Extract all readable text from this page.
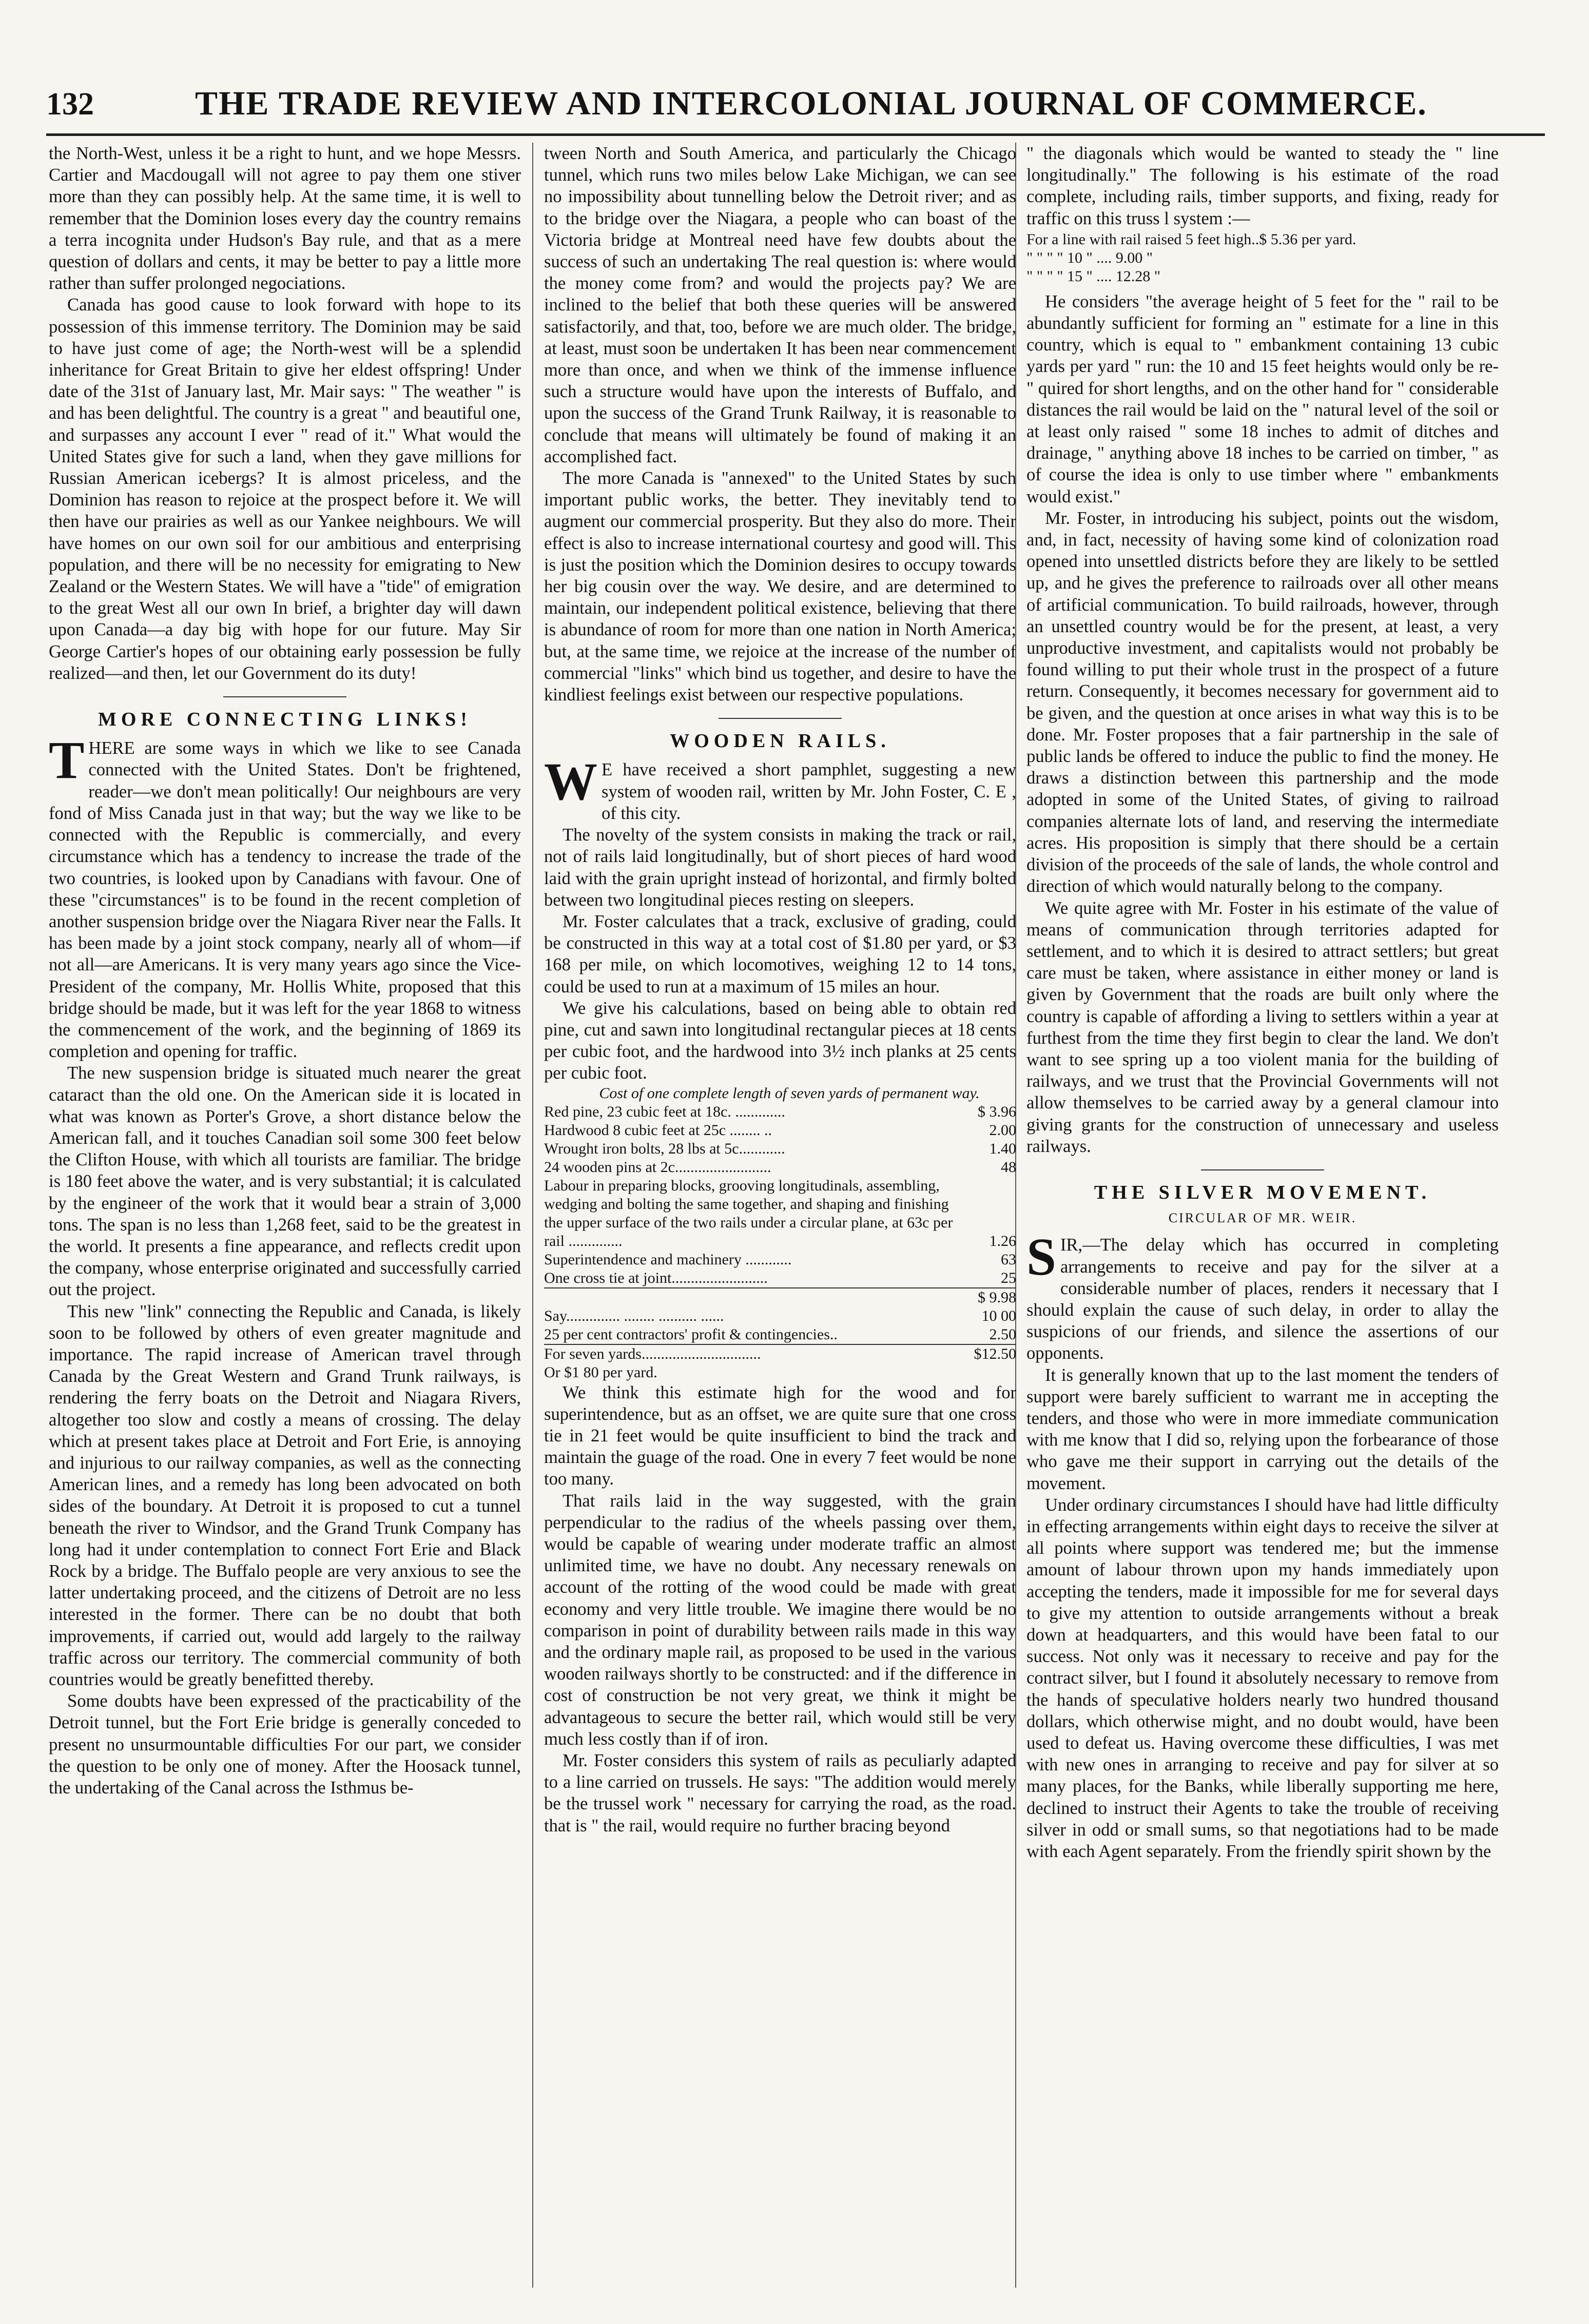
132	THE TRADE REVIEW AND INTERCOLONIAL JOURNAL OF COMMERCE.

the North-West, unless it be a right to hunt, and we hope Messrs. Cartier and Macdougall will not agree to pay them one stiver more than they can possibly help. At the same time, it is well to remember that the Dominion loses every day the country remains a terra incognita under Hudson's Bay rule, and that as a mere question of dollars and cents, it may be better to pay a little more rather than suffer prolonged negociations.

Canada has good cause to look forward with hope to its possession of this immense territory. The Dominion may be said to have just come of age; the North-west will be a splendid inheritance for Great Britain to give her eldest offspring! Under date of the 31st of January last, Mr. Mair says: " The weather " is and has been delightful. The country is a great " and beautiful one, and surpasses any account I ever " read of it." What would the United States give for such a land, when they gave millions for Russian American icebergs? It is almost priceless, and the Dominion has reason to rejoice at the prospect before it. We will then have our prairies as well as our Yankee neighbours. We will have homes on our own soil for our ambitious and enterprising population, and there will be no necessity for emigrating to New Zealand or the Western States. We will have a "tide" of emigration to the great West all our own In brief, a brighter day will dawn upon Canada—a day big with hope for our future. May Sir George Cartier's hopes of our obtaining early possession be fully realized—and then, let our Government do its duty!

MORE CONNECTING LINKS!

THERE are some ways in which we like to see Canada connected with the United States. Don't be frightened, reader—we don't mean politically! Our neighbours are very fond of Miss Canada just in that way; but the way we like to be connected with the Republic is commercially, and every circumstance which has a tendency to increase the trade of the two countries, is looked upon by Canadians with favour. One of these "circumstances" is to be found in the recent completion of another suspension bridge over the Niagara River near the Falls. It has been made by a joint stock company, nearly all of whom—if not all—are Americans. It is very many years ago since the Vice-President of the company, Mr. Hollis White, proposed that this bridge should be made, but it was left for the year 1868 to witness the commencement of the work, and the beginning of 1869 its completion and opening for traffic.

The new suspension bridge is situated much nearer the great cataract than the old one. On the American side it is located in what was known as Porter's Grove, a short distance below the American fall, and it touches Canadian soil some 300 feet below the Clifton House, with which all tourists are familiar. The bridge is 180 feet above the water, and is very substantial; it is calculated by the engineer of the work that it would bear a strain of 3,000 tons. The span is no less than 1,268 feet, said to be the greatest in the world. It presents a fine appearance, and reflects credit upon the company, whose enterprise originated and successfully carried out the project.

This new "link" connecting the Republic and Canada, is likely soon to be followed by others of even greater magnitude and importance. The rapid increase of American travel through Canada by the Great Western and Grand Trunk railways, is rendering the ferry boats on the Detroit and Niagara Rivers, altogether too slow and costly a means of crossing. The delay which at present takes place at Detroit and Fort Erie, is annoying and injurious to our railway companies, as well as the connecting American lines, and a remedy has long been advocated on both sides of the boundary. At Detroit it is proposed to cut a tunnel beneath the river to Windsor, and the Grand Trunk Company has long had it under contemplation to connect Fort Erie and Black Rock by a bridge. The Buffalo people are very anxious to see the latter undertaking proceed, and the citizens of Detroit are no less interested in the former. There can be no doubt that both improvements, if carried out, would add largely to the railway traffic across our territory. The commercial community of both countries would be greatly benefitted thereby.

Some doubts have been expressed of the practicability of the Detroit tunnel, but the Fort Erie bridge is generally conceded to present no unsurmountable difficulties For our part, we consider the question to be only one of money. After the Hoosack tunnel, the undertaking of the Canal across the Isthmus be-

tween North and South America, and particularly the Chicago tunnel, which runs two miles below Lake Michigan, we can see no impossibility about tunnelling below the Detroit river; and as to the bridge over the Niagara, a people who can boast of the Victoria bridge at Montreal need have few doubts about the success of such an undertaking The real question is: where would the money come from? and would the projects pay? We are inclined to the belief that both these queries will be answered satisfactorily, and that, too, before we are much older. The bridge, at least, must soon be undertaken It has been near commencement more than once, and when we think of the immense influence such a structure would have upon the interests of Buffalo, and upon the success of the Grand Trunk Railway, it is reasonable to conclude that means will ultimately be found of making it an accomplished fact.

The more Canada is "annexed" to the United States by such important public works, the better. They inevitably tend to augment our commercial prosperity. But they also do more. Their effect is also to increase international courtesy and good will. This is just the position which the Dominion desires to occupy towards her big cousin over the way. We desire, and are determined to maintain, our independent political existence, believing that there is abundance of room for more than one nation in North America; but, at the same time, we rejoice at the increase of the number of commercial "links" which bind us together, and desire to have the kindliest feelings exist between our respective populations.

WOODEN RAILS.

W E have received a short pamphlet, suggesting a new system of wooden rail, written by Mr. John Foster, C. E , of this city.

The novelty of the system consists in making the track or rail, not of rails laid longitudinally, but of short pieces of hard wood laid with the grain upright instead of horizontal, and firmly bolted between two longitudinal pieces resting on sleepers.

Mr. Foster calculates that a track, exclusive of grading, could be constructed in this way at a total cost of $1.80 per yard, or $3 168 per mile, on which locomotives, weighing 12 to 14 tons, could be used to run at a maximum of 15 miles an hour.

We give his calculations, based on being able to obtain red pine, cut and sawn into longitudinal rectangular pieces at 18 cents per cubic foot, and the hardwood into 3½ inch planks at 25 cents per cubic foot.

Cost of one complete length of seven yards of permanent way.

Red pine, 23 cubic feet at 18c. .............	$ 3.96
Hardwood 8 cubic feet at 25c ........ ..	2.00
Wrought iron bolts, 28 lbs at 5c............	1.40
24 wooden pins at 2c.........................	48
Labour in preparing blocks, grooving longitudinals, assembling, wedging and bolting the same together, and shaping and finishing the upper surface of the two rails under a circular plane, at 63c per rail ..............	1.26
Superintendence and machinery ............	63
One cross tie at joint.........................	25
	$ 9.98
Say.............. ........ .......... ......	10 00
25 per cent contractors' profit & contingencies..	2.50
For seven yards...............................	$12.50
Or $1 80 per yard.	

We think this estimate high for the wood and for superintendence, but as an offset, we are quite sure that one cross tie in 21 feet would be quite insufficient to bind the track and maintain the guage of the road. One in every 7 feet would be none too many.

That rails laid in the way suggested, with the grain perpendicular to the radius of the wheels passing over them, would be capable of wearing under moderate traffic an almost unlimited time, we have no doubt. Any necessary renewals on account of the rotting of the wood could be made with great economy and very little trouble. We imagine there would be no comparison in point of durability between rails made in this way and the ordinary maple rail, as proposed to be used in the various wooden railways shortly to be constructed: and if the difference in cost of construction be not very great, we think it might be advantageous to secure the better rail, which would still be very much less costly than if of iron.

Mr. Foster considers this system of rails as peculiarly adapted to a line carried on trussels. He says: "The addition would merely be the trussel work " necessary for carrying the road, as the road. that is " the rail, would require no further bracing beyond

" the diagonals which would be wanted to steady the " line longitudinally." The following is his estimate of the road complete, including rails, timber supports, and fixing, ready for traffic on this truss l system :—

For a line with rail raised 5 feet high..$ 5.36 per yard.
" " " " 10 " .... 9.00 "
" " " " 15 " .... 12.28 "

He considers "the average height of 5 feet for the " rail to be abundantly sufficient for forming an " estimate for a line in this country, which is equal to " embankment containing 13 cubic yards per yard " run: the 10 and 15 feet heights would only be re- " quired for short lengths, and on the other hand for " considerable distances the rail would be laid on the " natural level of the soil or at least only raised " some 18 inches to admit of ditches and drainage, " anything above 18 inches to be carried on timber, " as of course the idea is only to use timber where " embankments would exist."

Mr. Foster, in introducing his subject, points out the wisdom, and, in fact, necessity of having some kind of colonization road opened into unsettled districts before they are likely to be settled up, and he gives the preference to railroads over all other means of artificial communication. To build railroads, however, through an unsettled country would be for the present, at least, a very unproductive investment, and capitalists would not probably be found willing to put their whole trust in the prospect of a future return. Consequently, it becomes necessary for government aid to be given, and the question at once arises in what way this is to be done. Mr. Foster proposes that a fair partnership in the sale of public lands be offered to induce the public to find the money. He draws a distinction between this partnership and the mode adopted in some of the United States, of giving to railroad companies alternate lots of land, and reserving the intermediate acres. His proposition is simply that there should be a certain division of the proceeds of the sale of lands, the whole control and direction of which would naturally belong to the company.

We quite agree with Mr. Foster in his estimate of the value of means of communication through territories adapted for settlement, and to which it is desired to attract settlers; but great care must be taken, where assistance in either money or land is given by Government that the roads are built only where the country is capable of affording a living to settlers within a year at furthest from the time they first begin to clear the land. We don't want to see spring up a too violent mania for the building of railways, and we trust that the Provincial Governments will not allow themselves to be carried away by a general clamour into giving grants for the construction of unnecessary and useless railways.

THE SILVER MOVEMENT.
CIRCULAR OF MR. WEIR.

SIR,—The delay which has occurred in completing arrangements to receive and pay for the silver at a considerable number of places, renders it necessary that I should explain the cause of such delay, in order to allay the suspicions of our friends, and silence the assertions of our opponents.

It is generally known that up to the last moment the tenders of support were barely sufficient to warrant me in accepting the tenders, and those who were in more immediate communication with me know that I did so, relying upon the forbearance of those who gave me their support in carrying out the details of the movement.

Under ordinary circumstances I should have had little difficulty in effecting arrangements within eight days to receive the silver at all points where support was tendered me; but the immense amount of labour thrown upon my hands immediately upon accepting the tenders, made it impossible for me for several days to give my attention to outside arrangements without a break down at headquarters, and this would have been fatal to our success. Not only was it necessary to receive and pay for the contract silver, but I found it absolutely necessary to remove from the hands of speculative holders nearly two hundred thousand dollars, which otherwise might, and no doubt would, have been used to defeat us. Having overcome these difficulties, I was met with new ones in arranging to receive and pay for silver at so many places, for the Banks, while liberally supporting me here, declined to instruct their Agents to take the trouble of receiving silver in odd or small sums, so that negotiations had to be made with each Agent separately. From the friendly spirit shown by the
